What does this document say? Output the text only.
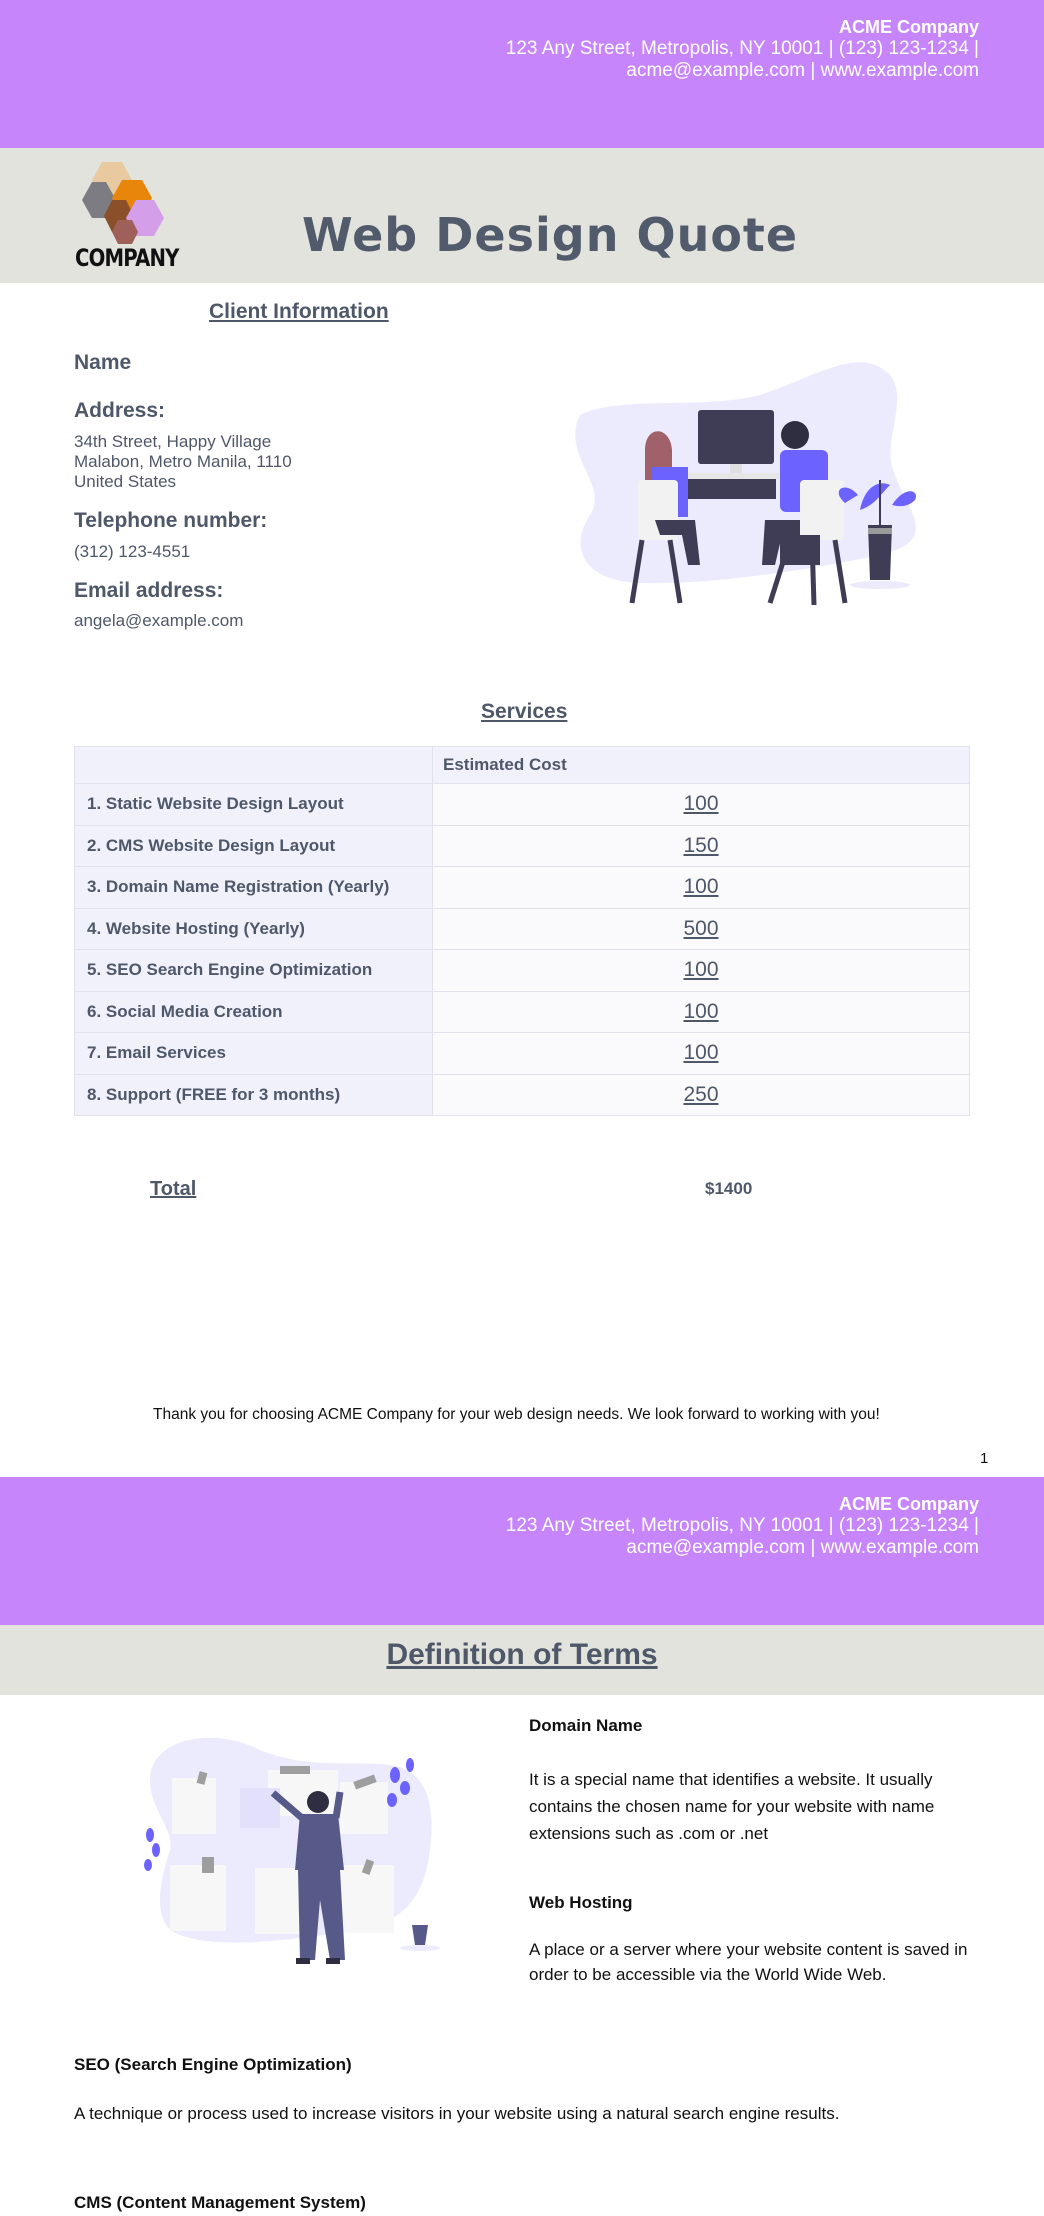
ACME Company
123 Any Street, Metropolis, NY 10001 | (123) 123-1234 |
acme@example.com | www.example.com
COMPANY	Web Design Quote
Client Information
Name
Address:
34th Street, Happy Village
Malabon, Metro Manila, 1110
United States
Telephone number:
(312) 123-4551
Email address:
angela@example.com
Services
	Estimated Cost
1. Static Website Design Layout	100
2. CMS Website Design Layout	150
3. Domain Name Registration (Yearly)	100
4. Website Hosting (Yearly)	500
5. SEO Search Engine Optimization	100
6. Social Media Creation	100
7. Email Services	100
8. Support (FREE for 3 months)	250
Total	$1400
Thank you for choosing ACME Company for your web design needs. We look forward to working with you!
1
ACME Company
123 Any Street, Metropolis, NY 10001 | (123) 123-1234 |
acme@example.com | www.example.com
Definition of Terms
Domain Name
It is a special name that identifies a website. It usually contains the chosen name for your website with name extensions such as .com or .net
Web Hosting
A place or a server where your website content is saved in order to be accessible via the World Wide Web.
SEO (Search Engine Optimization)
A technique or process used to increase visitors in your website using a natural search engine results.
CMS (Content Management System)
